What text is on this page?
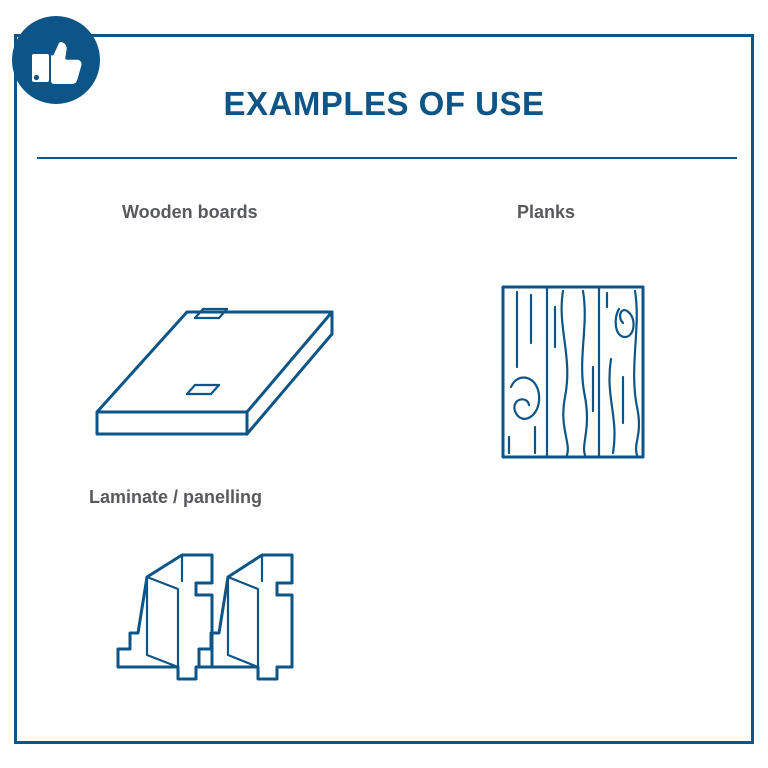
EXAMPLES OF USE
Wooden boards	Planks
Laminate / panelling
